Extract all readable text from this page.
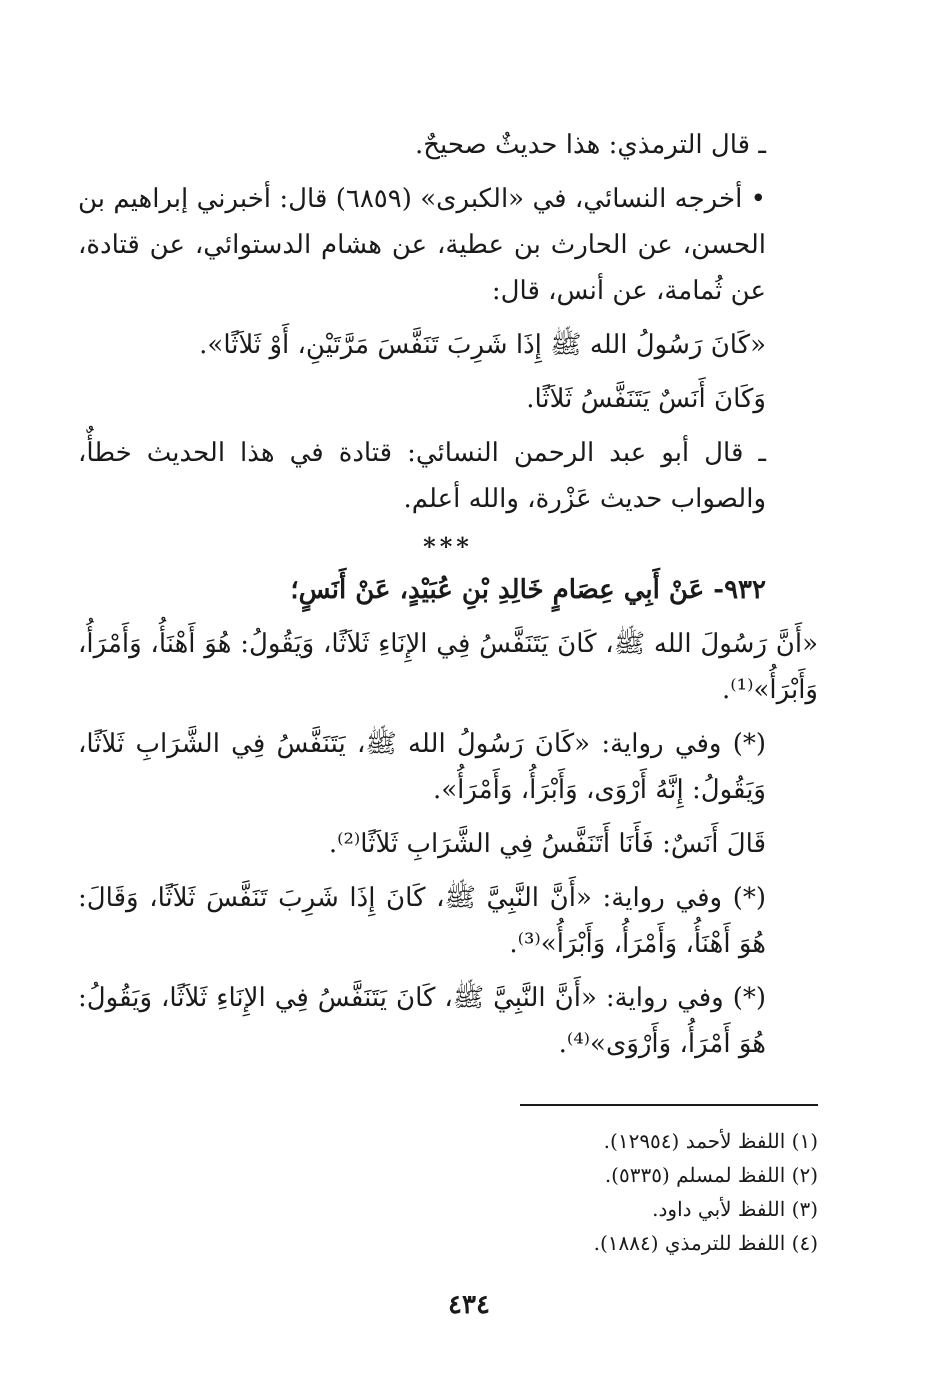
ـ قال الترمذي: هذا حديثٌ صحيحٌ.

• أخرجه النسائي، في «الكبرى» (٦٨٥٩) قال: أخبرني إبراهيم بن الحسن، عن الحارث بن عطية، عن هشام الدستوائي، عن قتادة، عن ثُمامة، عن أنس، قال:

«كَانَ رَسُولُ الله ﷺ إِذَا شَرِبَ تَنَفَّسَ مَرَّتَيْنِ، أَوْ ثَلاَثًا».

وَكَانَ أَنَسٌ يَتَنَفَّسُ ثَلاَثًا.

ـ قال أبو عبد الرحمن النسائي: قتادة في هذا الحديث خطأٌ، والصواب حديث عَزْرة، والله أعلم.

***

٩٣٢- عَنْ أَبِي عِصَامٍ خَالِدِ بْنِ عُبَيْدٍ، عَنْ أَنَسٍ؛

«أَنَّ رَسُولَ الله ﷺ، كَانَ يَتَنَفَّسُ فِي الإِنَاءِ ثَلاَثًا، وَيَقُولُ: هُوَ أَهْنَأُ، وَأَمْرَأُ، وَأَبْرَأُ»⁽¹⁾.

(*) وفي رواية: «كَانَ رَسُولُ الله ﷺ، يَتَنَفَّسُ فِي الشَّرَابِ ثَلاَثًا، وَيَقُولُ: إِنَّهُ أَرْوَى، وَأَبْرَأُ، وَأَمْرَأُ».

قَالَ أَنَسٌ: فَأَنَا أَتَنَفَّسُ فِي الشَّرَابِ ثَلاَثًا⁽²⁾.

(*) وفي رواية: «أَنَّ النَّبِيَّ ﷺ، كَانَ إِذَا شَرِبَ تَنَفَّسَ ثَلاَثًا، وَقَالَ: هُوَ أَهْنَأُ، وَأَمْرَأُ، وَأَبْرَأُ»⁽³⁾.

(*) وفي رواية: «أَنَّ النَّبِيَّ ﷺ، كَانَ يَتَنَفَّسُ فِي الإِنَاءِ ثَلاَثًا، وَيَقُولُ: هُوَ أَمْرَأُ، وَأَرْوَى»⁽⁴⁾.

(١) اللفظ لأحمد (١٢٩٥٤).

(٢) اللفظ لمسلم (٥٣٣٥).

(٣) اللفظ لأبي داود.

(٤) اللفظ للترمذي (١٨٨٤).

٤٣٤
